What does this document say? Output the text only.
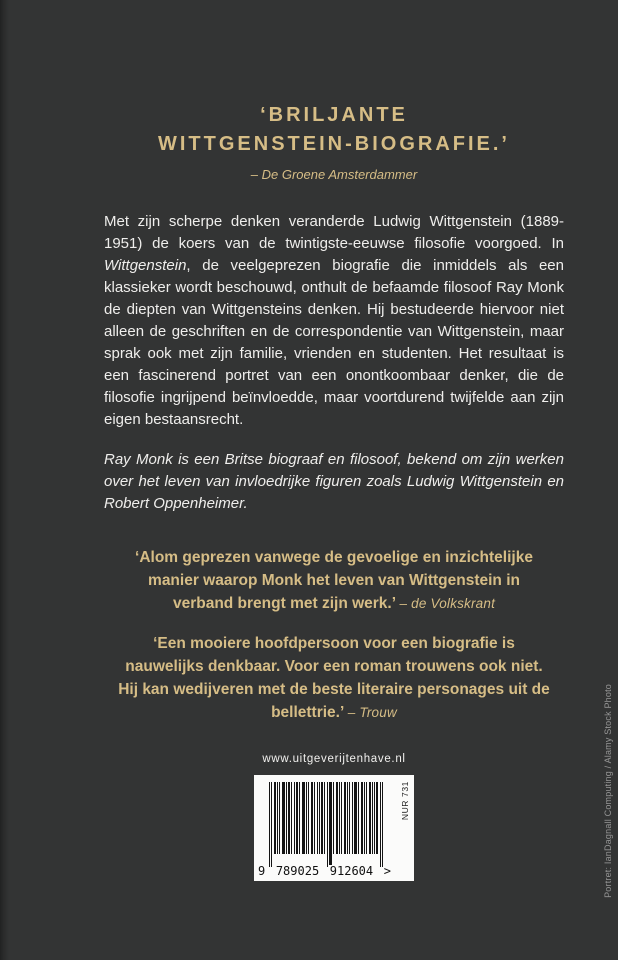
‘BRILJANTE
WITTGENSTEIN-BIOGRAFIE.’
– De Groene Amsterdammer

Met zijn scherpe denken veranderde Ludwig Wittgenstein (1889-1951) de koers van de twintigste-eeuwse filosofie voorgoed. In Wittgenstein, de veelgeprezen biografie die inmiddels als een klassieker wordt beschouwd, onthult de befaamde filosoof Ray Monk de diepten van Wittgensteins denken. Hij bestudeerde hiervoor niet alleen de geschriften en de correspondentie van Wittgenstein, maar sprak ook met zijn familie, vrienden en studenten. Het resultaat is een fascinerend portret van een onontkoombaar denker, die de filosofie ingrijpend beïnvloedde, maar voortdurend twijfelde aan zijn eigen bestaansrecht.

Ray Monk is een Britse biograaf en filosoof, bekend om zijn werken over het leven van invloedrijke figuren zoals Ludwig Wittgenstein en Robert Oppenheimer.

‘Alom geprezen vanwege de gevoelige en inzichtelijke manier waarop Monk het leven van Wittgenstein in verband brengt met zijn werk.’ – de Volkskrant
‘Een mooiere hoofdpersoon voor een biografie is nauwelijks denkbaar. Voor een roman trouwens ook niet. Hij kan wedijveren met de beste literaire personages uit de bellettrie.’ – Trouw
www.uitgeverijtenhave.nl
NUR 731
9 789025 912604 >	Portret: IanDagnall Computing / Alamy Stock Photo
